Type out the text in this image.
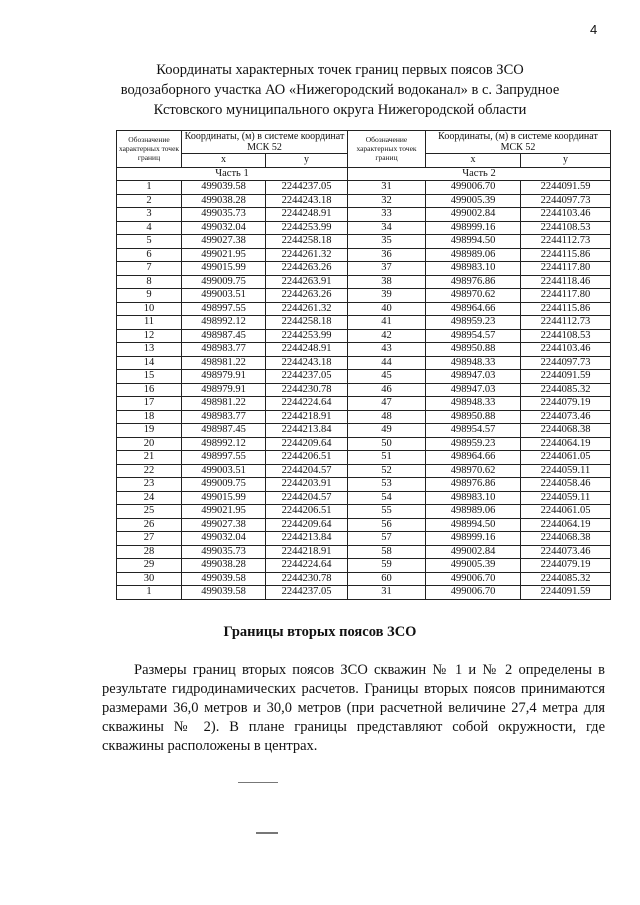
4
Координаты характерных точек границ первых поясов ЗСО
водозаборного участка АО «Нижегородский водоканал» в с. Запрудное
Кстовского муниципального округа Нижегородской области
Обозначение характерных точек границ	Координаты, (м) в системе координат МСК 52		Обозначение характерных точек границ	Координаты, (м) в системе координат МСК 52	
	x	y		x	y
Часть 1			Часть 2		
1	499039.58	2244237.05	31	499006.70	2244091.59
2	499038.28	2244243.18	32	499005.39	2244097.73
3	499035.73	2244248.91	33	499002.84	2244103.46
4	499032.04	2244253.99	34	498999.16	2244108.53
5	499027.38	2244258.18	35	498994.50	2244112.73
6	499021.95	2244261.32	36	498989.06	2244115.86
7	499015.99	2244263.26	37	498983.10	2244117.80
8	499009.75	2244263.91	38	498976.86	2244118.46
9	499003.51	2244263.26	39	498970.62	2244117.80
10	498997.55	2244261.32	40	498964.66	2244115.86
11	498992.12	2244258.18	41	498959.23	2244112.73
12	498987.45	2244253.99	42	498954.57	2244108.53
13	498983.77	2244248.91	43	498950.88	2244103.46
14	498981.22	2244243.18	44	498948.33	2244097.73
15	498979.91	2244237.05	45	498947.03	2244091.59
16	498979.91	2244230.78	46	498947.03	2244085.32
17	498981.22	2244224.64	47	498948.33	2244079.19
18	498983.77	2244218.91	48	498950.88	2244073.46
19	498987.45	2244213.84	49	498954.57	2244068.38
20	498992.12	2244209.64	50	498959.23	2244064.19
21	498997.55	2244206.51	51	498964.66	2244061.05
22	499003.51	2244204.57	52	498970.62	2244059.11
23	499009.75	2244203.91	53	498976.86	2244058.46
24	499015.99	2244204.57	54	498983.10	2244059.11
25	499021.95	2244206.51	55	498989.06	2244061.05
26	499027.38	2244209.64	56	498994.50	2244064.19
27	499032.04	2244213.84	57	498999.16	2244068.38
28	499035.73	2244218.91	58	499002.84	2244073.46
29	499038.28	2244224.64	59	499005.39	2244079.19
30	499039.58	2244230.78	60	499006.70	2244085.32
1	499039.58	2244237.05	31	499006.70	2244091.59
Границы вторых поясов ЗСО
Размеры границ вторых поясов ЗСО скважин № 1 и № 2 определены в результате гидродинамических расчетов. Границы вторых поясов принимаются размерами 36,0 метров и 30,0 метров (при расчетной величине 27,4 метра для скважины № 2). В плане границы представляют собой окружности, где скважины расположены в центрах.
